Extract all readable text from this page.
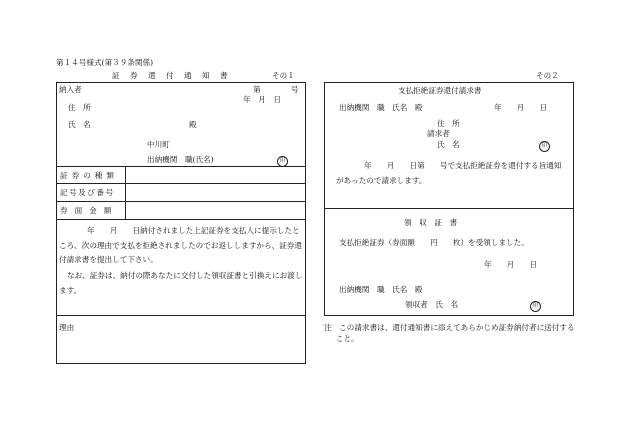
第１４号様式(第３９条関係)
証 券 還 付 通 知 書	その１	その２
納入者	第　　　　号
年　月　日
住　所
氏　名	殿
中川町
出納機関　職(氏名)	印
証券の種類
記号及び番号
券面金額
年　　月　　日納付されました上記証券を支払人に提示したところ、次の理由で支払を拒絶されましたのでお返ししますから、証券還付請求書を提出して下さい。
なお、証券は、納付の際あなたに交付した領収証書と引換えにお渡します。
理由
支払拒絶証券還付請求書
出納機関　職　氏名　殿	年　　月　　日
住　所
請求者
氏　名	印
年　　月　　日第　　号で支払拒絶証券を還付する旨通知があったので請求します。
領　収　証　書
支払拒絶証券（券面額　　円　　枚）を受領しました。
年　　月　　日
出納機関　職　氏名　殿
領収者　氏　名	印
注　この請求書は、還付通知書に添えてあらかじめ証券納付者に送付すること。
